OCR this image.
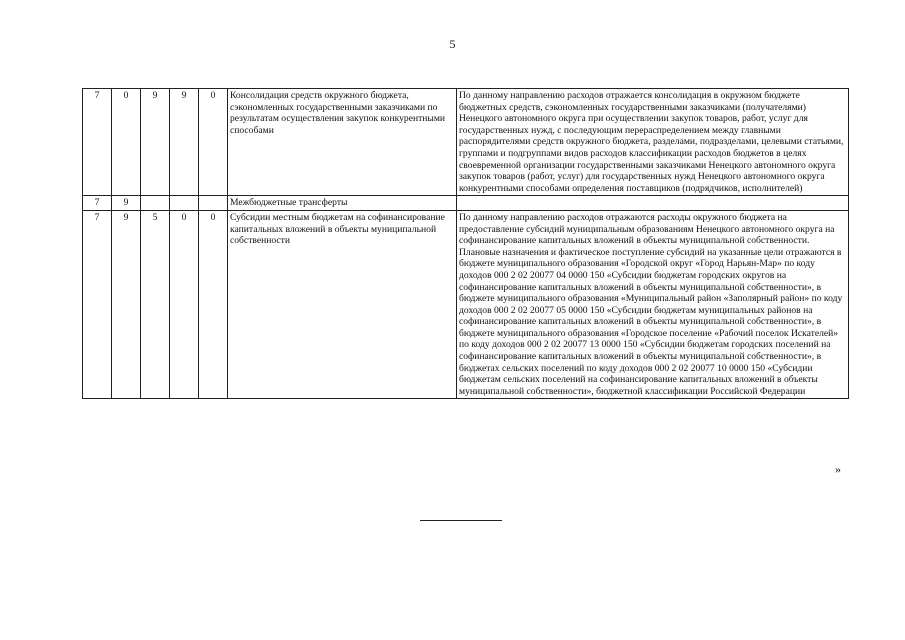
5
7	0	9	9	0	Консолидация средств окружного бюджета, сэкономленных государственными заказчиками по результатам осуществления закупок конкурентными способами	По данному направлению расходов отражается консолидация в окружном бюджете бюджетных средств, сэкономленных государственными заказчиками (получателями) Ненецкого автономного округа при осуществлении закупок товаров, работ, услуг для государственных нужд, с последующим перераспределением между главными распорядителями средств окружного бюджета, разделами, подразделами, целевыми статьями, группами и подгруппами видов расходов классификации расходов бюджетов в целях своевременной организации государственными заказчиками Ненецкого автономного округа закупок товаров (работ, услуг) для государственных нужд Ненецкого автономного округа конкурентными способами определения поставщиков (подрядчиков, исполнителей)
7	9				Межбюджетные трансферты	
7	9	5	0	0	Субсидии местным бюджетам на софинансирование капитальных вложений в объекты муниципальной собственности	По данному направлению расходов отражаются расходы окружного бюджета на предоставление субсидий муниципальным образованиям Ненецкого автономного округа на софинансирование капитальных вложений в объекты муниципальной собственности. Плановые назначения и фактическое поступление субсидий на указанные цели отражаются в бюджете муниципального образования «Городской округ «Город Нарьян-Мар» по коду доходов 000 2 02 20077 04 0000 150 «Субсидии бюджетам городских округов на софинансирование капитальных вложений в объекты муниципальной собственности», в бюджете муниципального образования «Муниципальный район «Заполярный район» по коду доходов 000 2 02 20077 05 0000 150 «Субсидии бюджетам муниципальных районов на софинансирование капитальных вложений в объекты муниципальной собственности», в бюджете муниципального образования «Городское поселение «Рабочий поселок Искателей» по коду доходов 000 2 02 20077 13 0000 150 «Субсидии бюджетам городских поселений на софинансирование капитальных вложений в объекты муниципальной собственности», в бюджетах сельских поселений по коду доходов 000 2 02 20077 10 0000 150 «Субсидии бюджетам сельских поселений на софинансирование капитальных вложений в объекты муниципальной собственности», бюджетной классификации Российской Федерации
»
